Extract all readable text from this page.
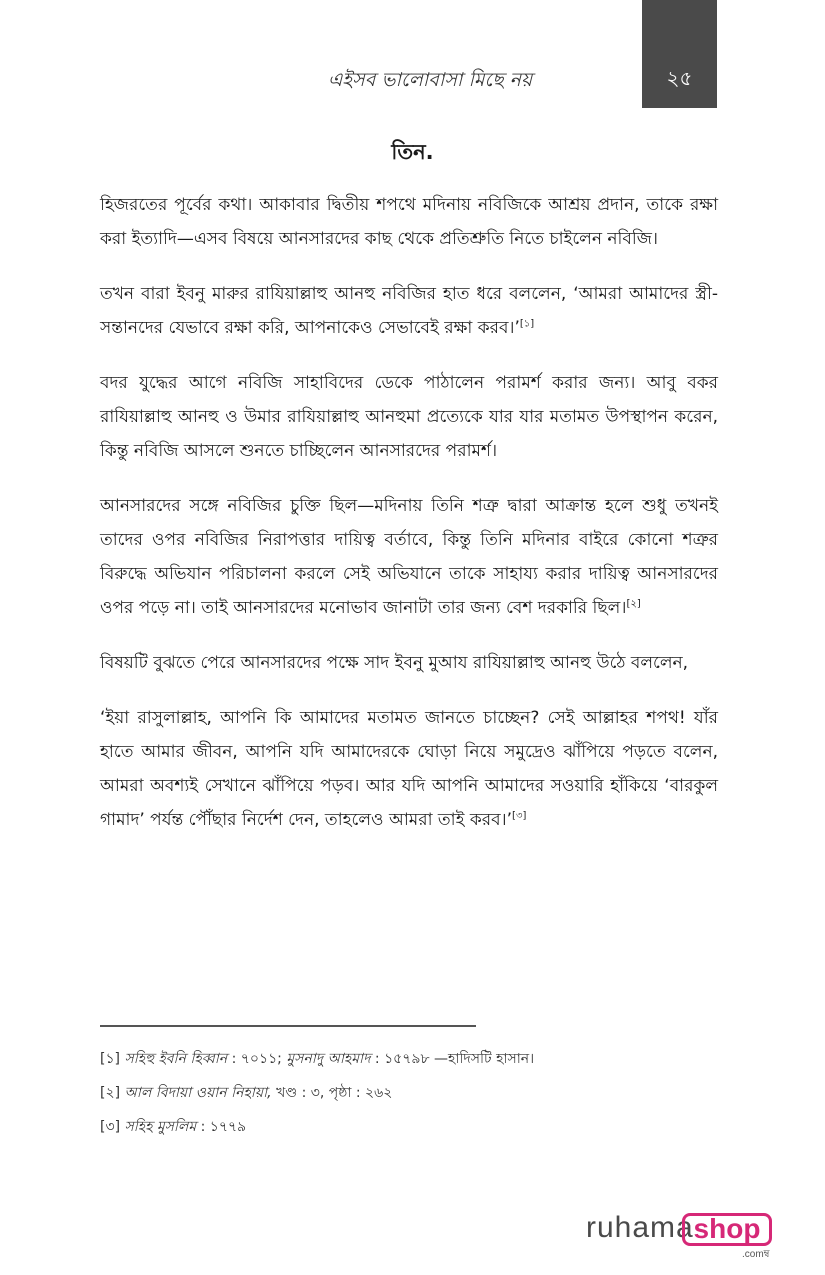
এইসব ভালোবাসা মিছে নয়	২৫
তিন.

হিজরতের পূর্বের কথা। আকাবার দ্বিতীয় শপথে মদিনায় নবিজিকে আশ্রয় প্রদান, তাকে রক্ষা করা ইত্যাদি—এসব বিষয়ে আনসারদের কাছ থেকে প্রতিশ্রুতি নিতে চাইলেন নবিজি।

তখন বারা ইবনু মারুর রাযিয়াল্লাহু আনহু নবিজির হাত ধরে বললেন, ‘আমরা আমাদের স্ত্রী-সন্তানদের যেভাবে রক্ষা করি, আপনাকেও সেভাবেই রক্ষা করব।’[১]

বদর যুদ্ধের আগে নবিজি সাহাবিদের ডেকে পাঠালেন পরামর্শ করার জন্য। আবু বকর রাযিয়াল্লাহু আনহু ও উমার রাযিয়াল্লাহু আনহুমা প্রত্যেকে যার যার মতামত উপস্থাপন করেন, কিন্তু নবিজি আসলে শুনতে চাচ্ছিলেন আনসারদের পরামর্শ।

আনসারদের সঙ্গে নবিজির চুক্তি ছিল—মদিনায় তিনি শত্রু দ্বারা আক্রান্ত হলে শুধু তখনই তাদের ওপর নবিজির নিরাপত্তার দায়িত্ব বর্তাবে, কিন্তু তিনি মদিনার বাইরে কোনো শত্রুর বিরুদ্ধে অভিযান পরিচালনা করলে সেই অভিযানে তাকে সাহায্য করার দায়িত্ব আনসারদের ওপর পড়ে না। তাই আনসারদের মনোভাব জানাটা তার জন্য বেশ দরকারি ছিল।[২]

বিষয়টি বুঝতে পেরে আনসারদের পক্ষে সাদ ইবনু মুআয রাযিয়াল্লাহু আনহু উঠে বললেন,

‘ইয়া রাসুলাল্লাহ, আপনি কি আমাদের মতামত জানতে চাচ্ছেন? সেই আল্লাহর শপথ! যাঁর হাতে আমার জীবন, আপনি যদি আমাদেরকে ঘোড়া নিয়ে সমুদ্রেও ঝাঁপিয়ে পড়তে বলেন, আমরা অবশ্যই সেখানে ঝাঁপিয়ে পড়ব। আর যদি আপনি আমাদের সওয়ারি হাঁকিয়ে ‘বারকুল গামাদ’ পর্যন্ত পৌঁছার নির্দেশ দেন, তাহলেও আমরা তাই করব।’[৩]

[১] সহিহু ইবনি হিব্বান : ৭০১১; মুসনাদু আহমাদ : ১৫৭৯৮ —হাদিসটি হাসান।
[২] আল বিদায়া ওয়ান নিহায়া, খণ্ড : ৩, পৃষ্ঠা : ২৬২
[৩] সহিহ মুসলিম : ১৭৭৯
ruhama shop
.comম্ব
